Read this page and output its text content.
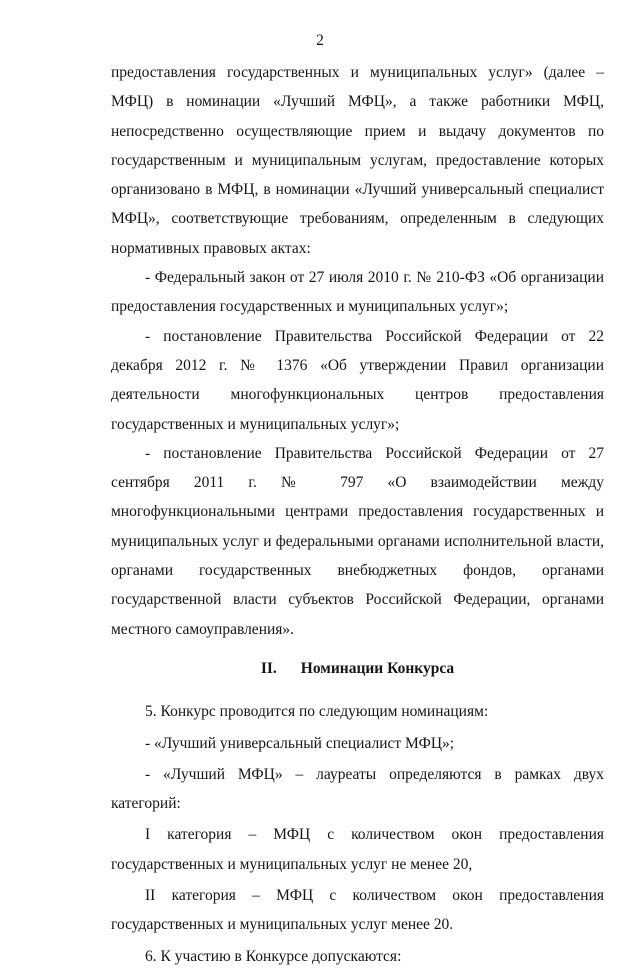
2

предоставления государственных и муниципальных услуг» (далее – МФЦ) в номинации «Лучший МФЦ», а также работники МФЦ, непосредственно осуществляющие прием и выдачу документов по государственным и муниципальным услугам, предоставление которых организовано в МФЦ, в номинации «Лучший универсальный специалист МФЦ», соответствующие требованиям, определенным в следующих нормативных правовых актах:

- Федеральный закон от 27 июля 2010 г. № 210-ФЗ «Об организации предоставления государственных и муниципальных услуг»;

- постановление Правительства Российской Федерации от 22 декабря 2012 г. № 1376 «Об утверждении Правил организации деятельности многофункциональных центров предоставления государственных и муниципальных услуг»;

- постановление Правительства Российской Федерации от 27 сентября 2011 г. № 797 «О взаимодействии между многофункциональными центрами предоставления государственных и муниципальных услуг и федеральными органами исполнительной власти, органами государственных внебюджетных фондов, органами государственной власти субъектов Российской Федерации, органами местного самоуправления».

II. Номинации Конкурса

5. Конкурс проводится по следующим номинациям:

- «Лучший универсальный специалист МФЦ»;

- «Лучший МФЦ» – лауреаты определяются в рамках двух категорий:

I категория – МФЦ с количеством окон предоставления государственных и муниципальных услуг не менее 20,

II категория – МФЦ с количеством окон предоставления государственных и муниципальных услуг менее 20.

6. К участию в Конкурсе допускаются:
